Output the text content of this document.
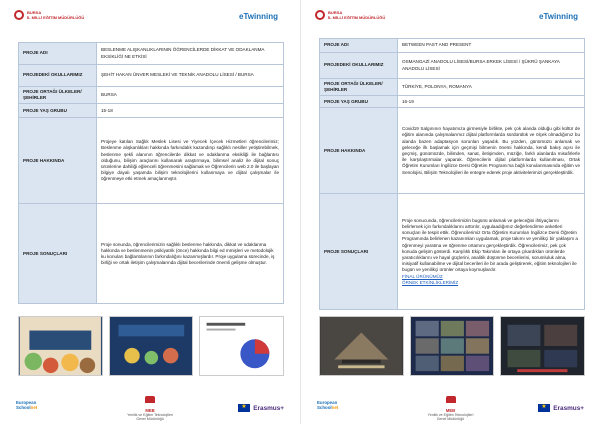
BURSA
İL MİLLİ EĞİTİM MÜDÜRLÜĞÜ	eTwinning
PROJE ADI	BESLENME ALIŞKANLIKLARININ ÖĞRENCİLERDE DİKKAT VE ODAKLANMA EKSİKLİĞİ NE ETKİSİ
PROJEDEKİ OKULLARIMIZ	ŞEHİT HAKAN ÜNVER MESLEKİ VE TEKNİK ANADOLU LİSESİ / BURSA
PROJE ORTAĞI ÜLKELER/ŞEHİRLER	BURSA
PROJE YAŞ GRUBU	15-18
PROJE HAKKINDA	Projeye katılan Sağlık Meslek Lisesi ve Yiyecek İçecek Hizmetleri öğrencilerimiz; Beslenme alışkanlıkları hakkında farkındalık kazandırıp sağlıklı nesiller yetiştirebilmek, beslenme şekli alanının öğrencilerde dikkat ve odaklanma eksikliği ile bağlantısı olduğunu, bilişim araçlarını kullanarak araştırmaya, bilimsel analiz ile dijital sonuç ürünlerine dahiliği eğlenceli öğrenmesini sağlamak ve Öğrencilerin web 2.0 ile başlayan bilgiye dayalı yaşamda bilişim teknolojilerini kullanmaya ve dijital çalışmalar ile öğrenmeye etki etmek amaçlanmıştır.
PROJE SONUÇLARI	Proje sonunda, öğrencilerimizin sağlıklı beslenme hakkında, dikkat ve odaklanma hakkında ve beslenmenin psikiyatrik (önce) hakkında bilgi ed mmişleri ve metodolojik ku konuları bağlantılarının farkındalığını kazanmışlardır. Proje uygulama sürecinde, iş birliği ve ortak iletişim çalışmalarında dijital becerilerinde önemli gelişme olmuştur.
European
Schoolnet
MEB
Yenilik ve Eğitim Teknolojileri
Genel Müdürlüğü
★
Erasmus+
BURSA
İL MİLLİ EĞİTİM MÜDÜRLÜĞÜ	eTwinning
PROJE ADI	BETWEEN PAST AND PRESENT
PROJEDEKİ OKULLARIMIZ	OSMANGAZİ ANADOLU LİSESİ/BURSA ERKEK LİSESİ / ŞÜKRÜ ŞANKAYA ANADOLU LİSESİ
PROJE ORTAĞI ÜLKELER/ŞEHİRLER	TÜRKİYE, POLONYA, ROMANYA
PROJE YAŞ GRUBU	16-19
PROJE HAKKINDA	Covid19 Salgınının hayatımıza girmesiyle birlikte, pek çok alanda olduğu gibi kültür de eğitim alanında çalışmalarımız dijital platformlarda sürdürülük ve ölçek olmadığımız bu alanda bazen adaptasyon sorunları yaşadık. Bu yüzden, günümüzü anlamak ve geleceğe ilk başlamak için geçmişi bilmenin önemi hakkında, kendi bakış açısı ile geçmiş, günümüzde, bilimden, sanat, iletişimden, müziğe, farklı alanlarda misafirlerle ile karşılaştırmalar yaparak. Öğrencilerin dijital platformlarda kullanılması, Ortak Öğretim Kurumları İngilizce Dersi Öğretim Programı'na bağlı konulanmasında eğitim ve Senolojisi, Bilişim Teknolojileri ile entegre ederek proje aktivitelerimizi gerçekleştirdik.
PROJE SONUÇLARI	Proje sonucunda, öğrencilerimizin bugünü anlamak ve geleceğini ihtiyaçlarını belirlemek için farkındalıklarını arttırılır, uygulaadığımız değerlendirme anketleri sonuçları ile tespit ettik. Öğrencilerimiz Orta Öğretim Kurumları İngilizce Dersi Öğretim Programında belirlenen kazanımları uygulamak, proje takımı ve yenilikçi bir yaklaşım a öğrenmeyi yaratma ve öğrenme ortamını gerçekleştirdik. Öğrencilerimiz, pek çok konuda gelişim gösterdi. Karşılıklı Ekip Takımları ile ortaya çıkardıkları ürünlerde yaratıcılıklarını ve hayal güçlerini, analitik düşünme becerilerini, sorumluluk alma, inisiyatif kullanabilme ve dijital becerileri ile bir arada geliştirerek, eğitim teknolojileri ile bugün ve yenilikçi ürünler ortaya koymuşlardır.
FİNAL ÜRÜNÜMÜZ
ÖRNEK ETKİNLİKLERİMİZ
European
Schoolnet
MEB
Yenilik ve Eğitim Teknolojileri
Genel Müdürlüğü
★
Erasmus+
